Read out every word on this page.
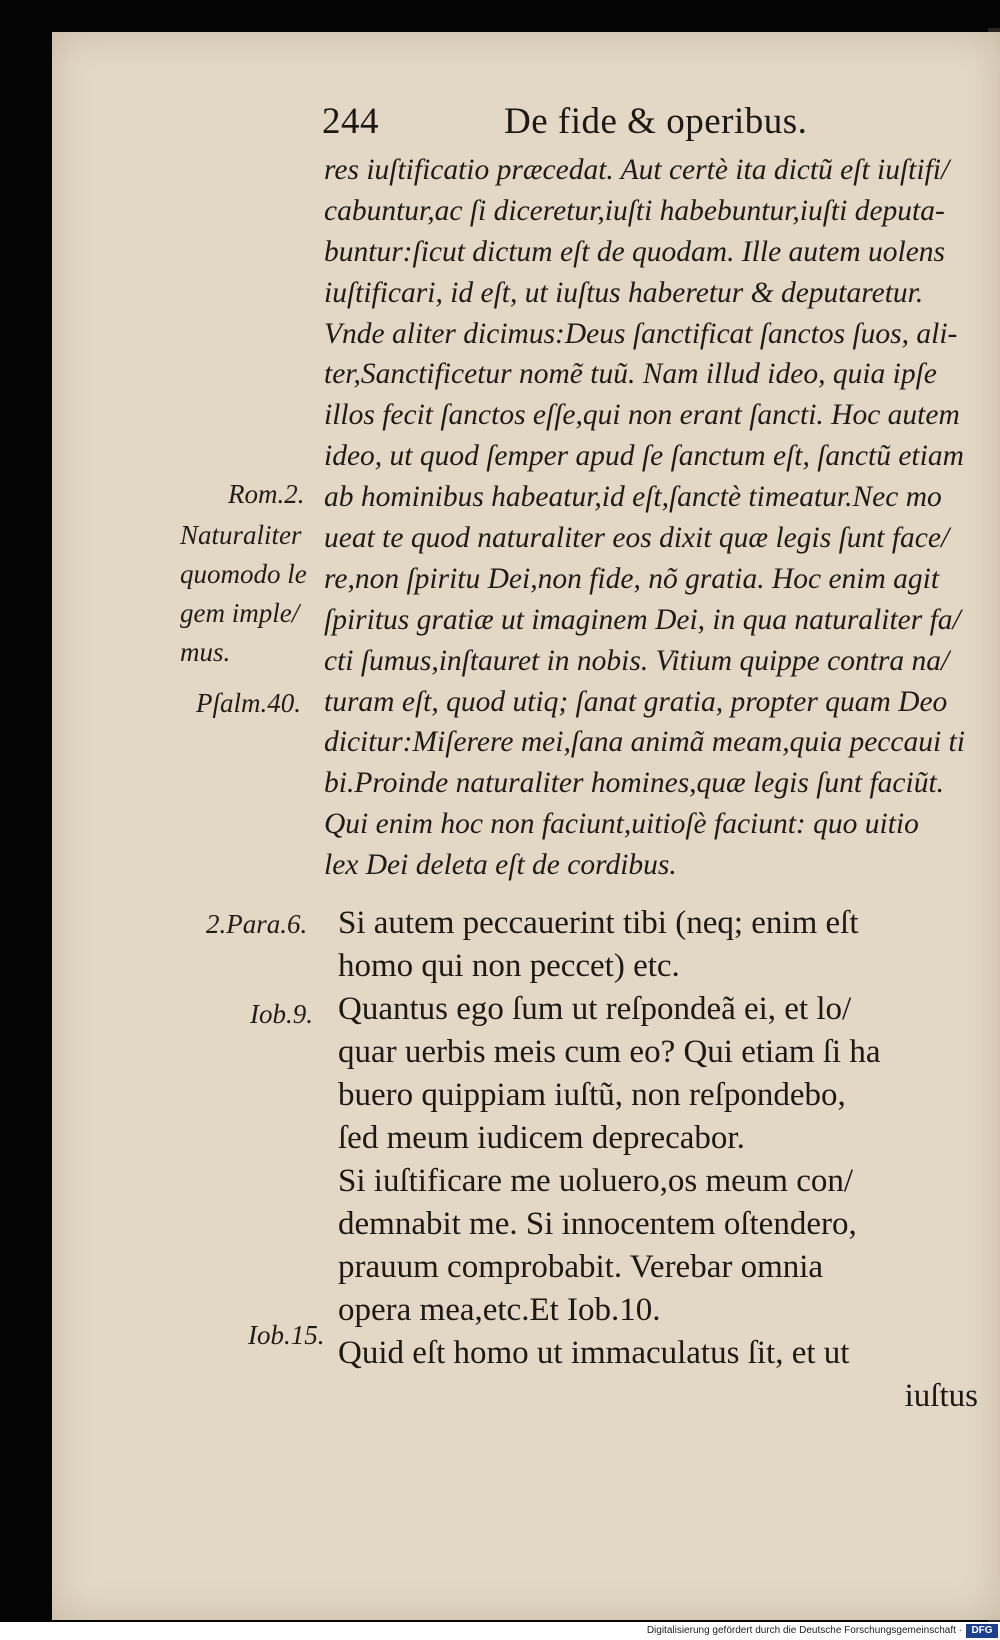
244	De fide & operibus.
res iuſtificatio præcedat. Aut certè ita dictũ eſt iuſtifi/
cabuntur,ac ſi diceretur,iuſti habebuntur,iuſti deputa-
buntur:ſicut dictum eſt de quodam. Ille autem uolens
iuſtificari, id eſt, ut iuſtus haberetur & deputaretur.
Vnde aliter dicimus:Deus ſanctificat ſanctos ſuos, ali-
ter,Sanctificetur nomẽ tuũ. Nam illud ideo, quia ipſe
illos fecit ſanctos eſſe,qui non erant ſancti. Hoc autem
ideo, ut quod ſemper apud ſe ſanctum eſt, ſanctũ etiam
ab hominibus habeatur,id eſt,ſanctè timeatur.Nec mo
ueat te quod naturaliter eos dixit quæ legis ſunt face/
re,non ſpiritu Dei,non fide, nõ gratia. Hoc enim agit
ſpiritus gratiæ ut imaginem Dei, in qua naturaliter fa/
cti ſumus,inſtauret in nobis. Vitium quippe contra na/
turam eſt, quod utiq; ſanat gratia, propter quam Deo
dicitur:Miſerere mei,ſana animã meam,quia peccaui ti
bi.Proinde naturaliter homines,quæ legis ſunt faciũt.
Qui enim hoc non faciunt,uitioſè faciunt: quo uitio
lex Dei deleta eſt de cordibus.
Si autem peccauerint tibi (neq; enim eſt
homo qui non peccet) etc.
Quantus ego ſum ut reſpondeã ei, et lo/
quar uerbis meis cum eo? Qui etiam ſi ha
buero quippiam iuſtũ, non reſpondebo,
ſed meum iudicem deprecabor.
Si iuſtificare me uoluero,os meum con/
demnabit me. Si innocentem oſtendero,
prauum comprobabit. Verebar omnia
opera mea,etc.Et Iob.10.
Quid eſt homo ut immaculatus ſit, et ut
iuſtus
Rom.2.
Naturaliter
quomodo le
gem imple/
mus.
Pſalm.40.
2.Para.6.
Iob.9.
Iob.15.
Digitalisierung gefördert durch die Deutsche Forschungsgemeinschaft · DFG
